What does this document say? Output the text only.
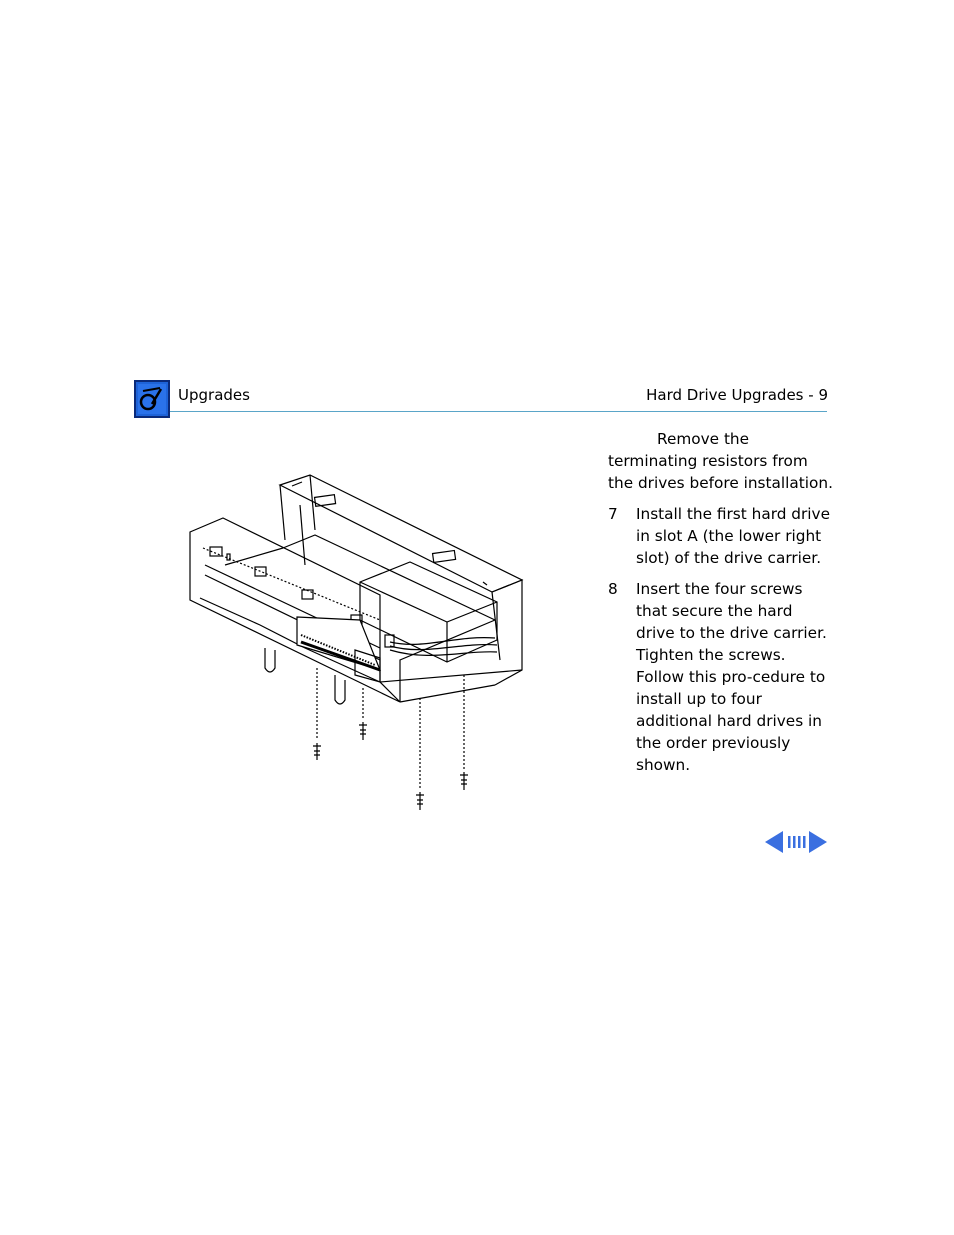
Upgrades	Hard Drive Upgrades - 9
Remove the
terminating resistors from the drives before installation.
7	Install the first hard drive in slot A (the lower right slot) of the drive carrier.
8	Insert the four screws that secure the hard drive to the drive carrier. Tighten the screws. Follow this pro-cedure to install up to four additional hard drives in the order previously shown.
